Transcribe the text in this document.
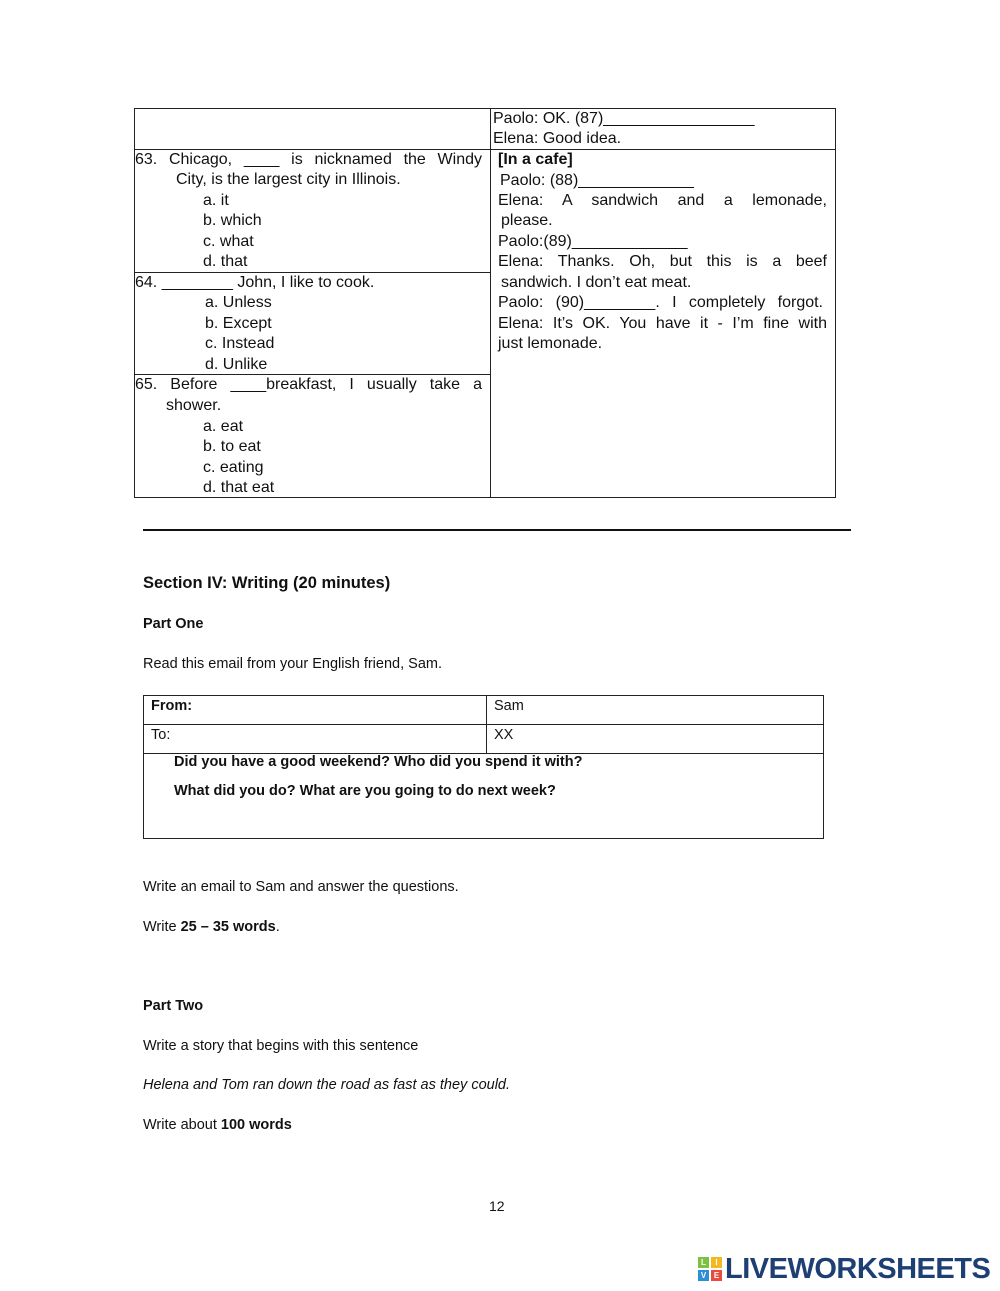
Paolo: OK. (87)_________________
Elena: Good idea.
63. Chicago, ____ is nicknamed the Windy
City, is the largest city in Illinois.
a. it
b. which
c. what
d. that
64. ________ John, I like to cook.
a. Unless
b. Except
c. Instead
d. Unlike
65. Before ____breakfast, I usually take a
shower.
a. eat
b. to eat
c. eating
d. that eat
[In a cafe]
Paolo: (88)_____________
Elena: A sandwich and a lemonade,
please.
Paolo:(89)_____________
Elena: Thanks. Oh, but this is a beef
sandwich. I don’t eat meat.
Paolo: (90)________. I completely forgot.
Elena: It’s OK. You have it - I’m fine with
just lemonade.
Section IV: Writing (20 minutes)
Part One
Read this email from your English friend, Sam.
From:	Sam
To:	XX
Did you have a good weekend? Who did you spend it with?
What did you do? What are you going to do next week?
Write an email to Sam and answer the questions.
Write 25 – 35 words.
Part Two
Write a story that begins with this sentence
Helena and Tom ran down the road as fast as they could.
Write about 100 words
12
L	I
V E LIVEWORKSHEETS
